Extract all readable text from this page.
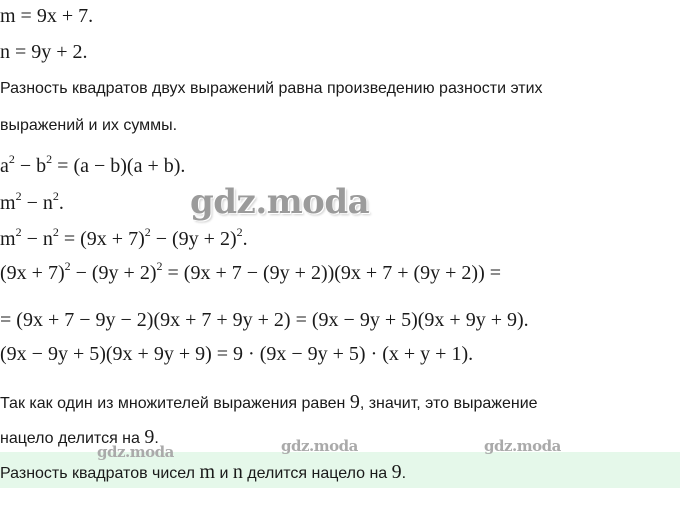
m = 9x + 7.
n = 9y + 2.
Разность квадратов двух выражений равна произведению разности этих
выражений и их суммы.
$a^2 - b^2 = (a - b)(a + b)$.
$m^2 - n^2$.
$m^2 - n^2 = (9x + 7)^2 - (9y + 2)^2$.
$(9x + 7)^2 - (9y + 2)^2 = (9x + 7 - (9y + 2))(9x + 7 + (9y + 2))$ =
= (9x + 7 − 9y − 2)(9x + 7 + 9y + 2) = (9x − 9y + 5)(9x + 9y + 9).
(9x − 9y + 5)(9x + 9y + 9) = 9 · (9x − 9y + 5) · (x + y + 1).
Так как один из множителей выражения равен 9, значит, это выражение
нацело делится на 9.
Разность квадратов чисел m и n делится нацело на 9.
gdz.moda
gdz.moda	gdz.moda	gdz.moda
